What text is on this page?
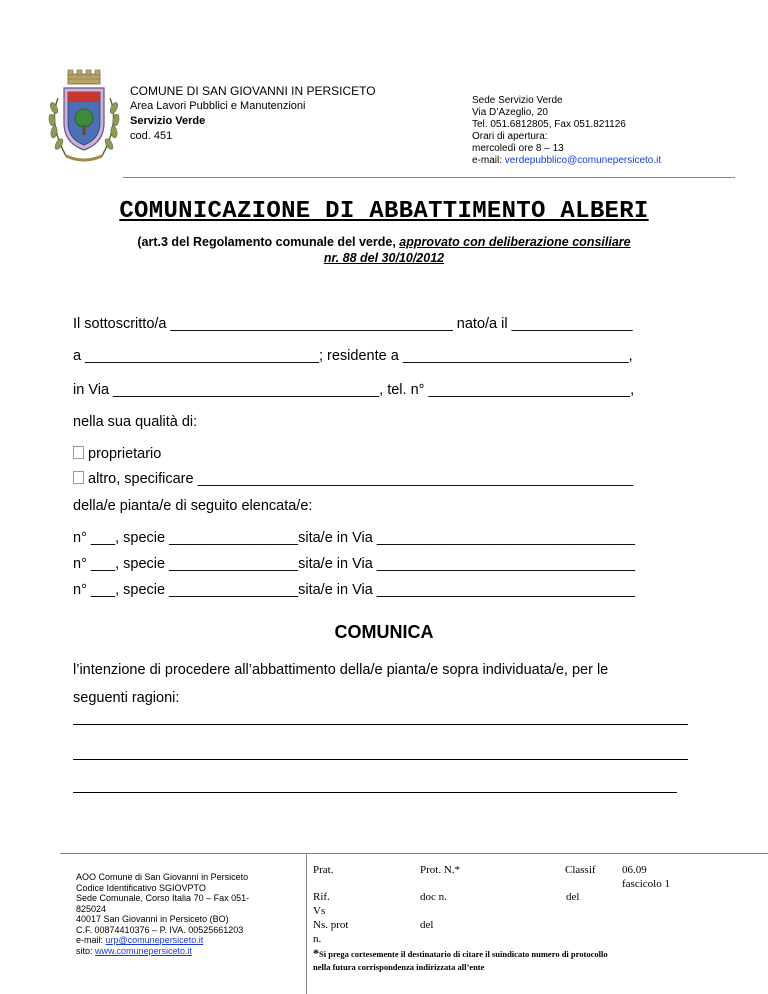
COMUNE DI SAN GIOVANNI IN PERSICETO
Area Lavori Pubblici e Manutenzioni
Servizio Verde
cod. 451
Sede Servizio Verde
Via D’Azeglio, 20
Tel. 051.6812805, Fax 051.821126
Orari di apertura:
mercoledì ore 8 – 13
e-mail: verdepubblico@comunepersiceto.it
COMUNICAZIONE DI ABBATTIMENTO ALBERI
(art.3 del Regolamento comunale del verde, approvato con deliberazione consiliare
nr. 88 del 30/10/2012
Il sottoscritto/a ___________________________________ nato/a il _______________
a _____________________________; residente a ____________________________,
in Via _________________________________, tel. n° _________________________,
nella sua qualità di:
proprietario
altro, specificare ______________________________________________________
della/e pianta/e di seguito elencata/e:
n° ___, specie ________________sita/e in Via ________________________________
n° ___, specie ________________sita/e in Via ________________________________
n° ___, specie ________________sita/e in Via ________________________________
COMUNICA
l’intenzione di procedere all’abbattimento della/e pianta/e sopra individuata/e, per le
seguenti ragioni:
AOO Comune di San Giovanni in Persiceto
Codice Identificativo SGIOVPTO
Sede Comunale, Corso Italia 70 – Fax 051-
825024
40017 San Giovanni in Persiceto (BO)
C.F. 00874410376 – P. IVA. 00525661203
e-mail: urp@comunepersiceto.it
sito: www.comunepersiceto.it
Prat.	Prot. N.*	Classif 06.09
fascicolo 1
Rif.	doc n.	del
Vs
Ns. prot	del
n.
*Si prega cortesemente il destinatario di citare il suindicato numero di protocollo
nella futura corrispondenza indirizzata all’ente
